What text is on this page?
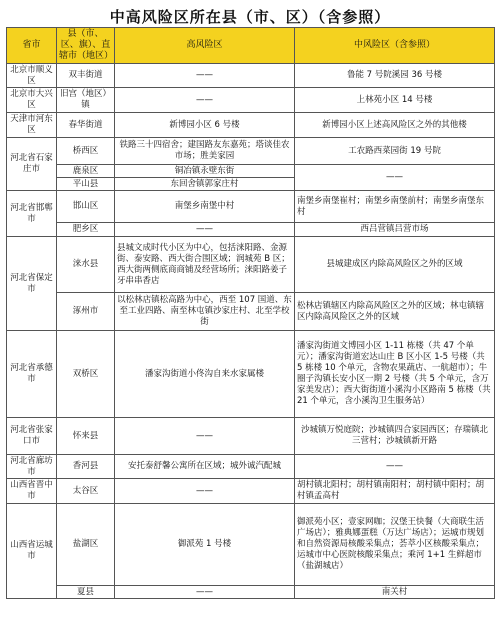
中高风险区所在县（市、区）（含参照）
省市	县（市、区、旗）、直辖市（地区）	高风险区	中风险区（含参照）
北京市顺义区	双丰街道	——	鲁能 7 号院溪园 36 号楼
北京市大兴区	旧宫（地区）镇	——	上林苑小区 14 号楼
天津市河东区	春华街道	新博园小区 6 号楼	新博园小区上述高风险区之外的其他楼
河北省石家庄市	桥西区	铁路三十四宿舍；建国路友东嘉苑；塔谈佳农市场；胜美家园	工农路西菜园街 19 号院
	鹿泉区	铜冶镇永壁东街	——
	平山县	东回舍镇郭家庄村	
河北省邯郸市	邯山区	南堡乡南堡中村	南堡乡南堡崔村；南堡乡南堡前村；南堡乡南堡东村
	肥乡区	——	西吕营镇吕营市场
河北省保定市	涞水县	县城文成时代小区为中心，包括涞阳路、金源街、泰安路、西大街合围区域；润城苑 B 区；西大街两侧底商商铺及经营场所；涞阳路姜子牙串串香店	县城建成区内除高风险区之外的区域
	涿州市	以松林店镇松高路为中心，西至 107 国道、东至工业四路、南至林屯镇沙家庄村、北至学校街	松林店镇辖区内除高风险区之外的区域；林屯镇辖区内除高风险区之外的区域
河北省承德市	双桥区	潘家沟街道小佟沟自来水家属楼	潘家沟街道文博园小区 1-11 栋楼（共 47 个单元）；潘家沟街道宏达山庄 B 区小区 1-5 号楼（共 5 栋楼 10 个单元，含物农果蔬店、一航超市）；牛圈子沟镇长安小区一期 2 号楼（共 5 个单元，含万家美发店）；西大街街道小溪沟小区路南 5 栋楼（共 21 个单元，含小溪沟卫生服务站）
河北省张家口市	怀来县	——	沙城镇万悦庭院；沙城镇四合家园西区；存瑞镇北三营村；沙城镇新开路
河北省廊坊市	香河县	安托泰舒馨公寓所在区域；城外诚汽配城	——
山西省晋中市	太谷区	——	胡村镇北阳村；胡村镇南阳村；胡村镇中阳村；胡村镇孟高村
山西省运城市	盐湖区	御派苑 1 号楼	御派苑小区；壹家网咖；汉堡王快餐（大商联生活广场店）；雅典娜蛋糕（万达广场店）；运城市规划和自然资源局核酸采集点；荟萃小区核酸采集点；运城市中心医院核酸采集点；乘河 1+1 生鲜超市（盐湖城店）
	夏县	——	南关村
